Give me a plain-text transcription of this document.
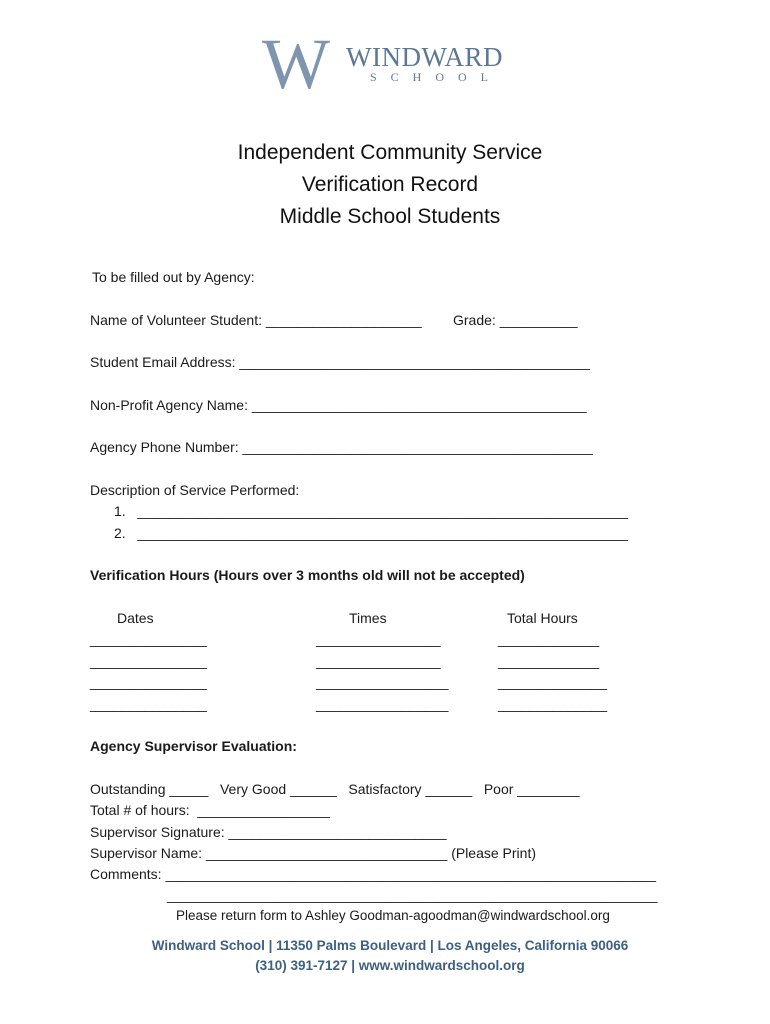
W WINDWARD
SCHOOL
Independent Community Service
Verification Record
Middle School Students
To be filled out by Agency:
Name of Volunteer Student: ____________________ Grade: __________
Student Email Address: _____________________________________________
Non-Profit Agency Name: ___________________________________________
Agency Phone Number: _____________________________________________
Description of Service Performed:
1.   _______________________________________________________________
2.   _______________________________________________________________
Verification Hours (Hours over 3 months old will not be accepted)
Dates	Times	Total Hours
_______________
_______________
_______________
_______________
________________
________________
_________________
_________________
_____________
_____________
______________
______________
Agency Supervisor Evaluation:
Outstanding _____   Very Good ______   Satisfactory ______   Poor ________
Total # of hours:  _________________
Supervisor Signature: ____________________________
Supervisor Name: _______________________________ (Please Print)
Comments: _______________________________________________________________
_______________________________________________________________
Please return form to Ashley Goodman-agoodman@windwardschool.org
Windward School | 11350 Palms Boulevard | Los Angeles, California 90066
(310) 391-7127 | www.windwardschool.org
